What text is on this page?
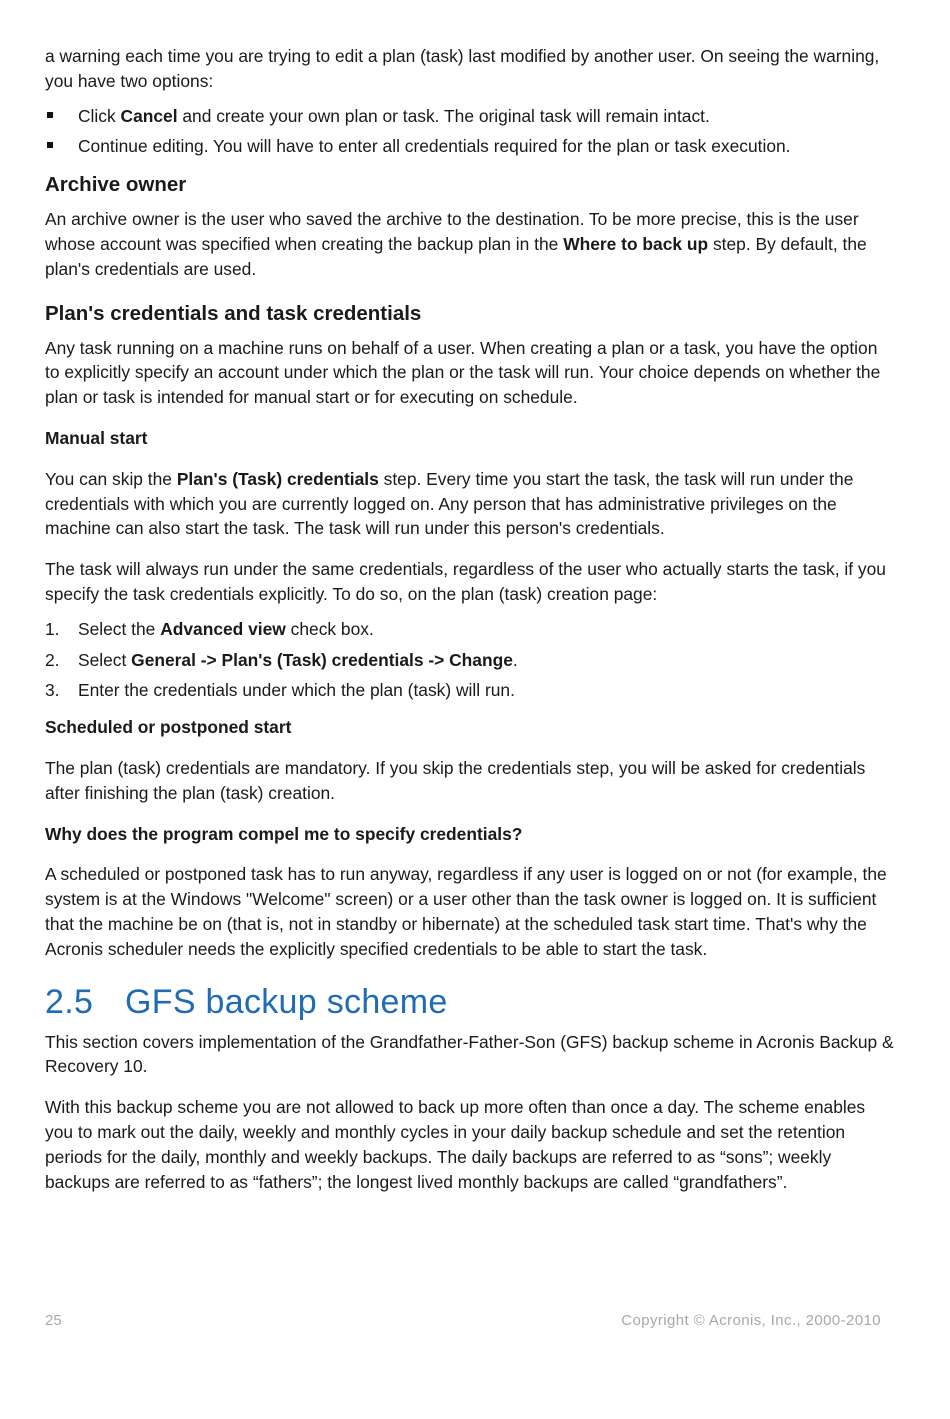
a warning each time you are trying to edit a plan (task) last modified by another user. On seeing the warning, you have two options:

Click Cancel and create your own plan or task. The original task will remain intact.
Continue editing. You will have to enter all credentials required for the plan or task execution.
Archive owner

An archive owner is the user who saved the archive to the destination. To be more precise, this is the user whose account was specified when creating the backup plan in the Where to back up step. By default, the plan's credentials are used.

Plan's credentials and task credentials

Any task running on a machine runs on behalf of a user. When creating a plan or a task, you have the option to explicitly specify an account under which the plan or the task will run. Your choice depends on whether the plan or task is intended for manual start or for executing on schedule.

Manual start

You can skip the Plan's (Task) credentials step. Every time you start the task, the task will run under the credentials with which you are currently logged on. Any person that has administrative privileges on the machine can also start the task. The task will run under this person's credentials.

The task will always run under the same credentials, regardless of the user who actually starts the task, if you specify the task credentials explicitly. To do so, on the plan (task) creation page:

1. Select the Advanced view check box.
2. Select General -> Plan's (Task) credentials -> Change.
3. Enter the credentials under which the plan (task) will run.
Scheduled or postponed start

The plan (task) credentials are mandatory. If you skip the credentials step, you will be asked for credentials after finishing the plan (task) creation.

Why does the program compel me to specify credentials?

A scheduled or postponed task has to run anyway, regardless if any user is logged on or not (for example, the system is at the Windows "Welcome" screen) or a user other than the task owner is logged on. It is sufficient that the machine be on (that is, not in standby or hibernate) at the scheduled task start time. That's why the Acronis scheduler needs the explicitly specified credentials to be able to start the task.

2.5 GFS backup scheme

This section covers implementation of the Grandfather-Father-Son (GFS) backup scheme in Acronis Backup & Recovery 10.

With this backup scheme you are not allowed to back up more often than once a day. The scheme enables you to mark out the daily, weekly and monthly cycles in your daily backup schedule and set the retention periods for the daily, monthly and weekly backups. The daily backups are referred to as “sons”; weekly backups are referred to as “fathers”; the longest lived monthly backups are called “grandfathers”.

25	Copyright © Acronis, Inc., 2000-2010
